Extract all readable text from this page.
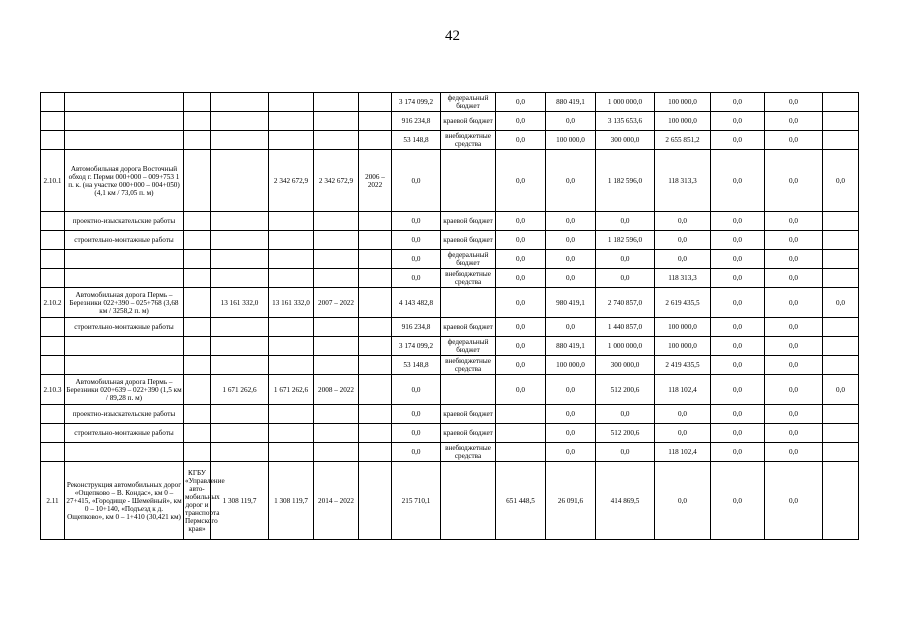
42
							3 174 099,2	федеральный бюджет	0,0	880 419,1	1 000 000,0	100 000,0	0,0	0,0	
							916 234,8	краевой бюджет	0,0	0,0	3 135 653,6	100 000,0	0,0	0,0	
							53 148,8	внебюджетные средства	0,0	100 000,0	300 000,0	2 655 851,2	0,0	0,0	
2.10.1	Автомобильная дорога Восточный обход г. Перми 000+000 – 009+753 1 п. к. (на участке 000+000 – 004+050) (4,1 км / 73,05 п. м)			2 342 672,9	2 342 672,9	2006 – 2022	0,0		0,0	0,0	1 182 596,0	118 313,3	0,0	0,0	0,0
	проектно-изыскательские работы						0,0	краевой бюджет	0,0	0,0	0,0	0,0	0,0	0,0	
	строительно-монтажные работы						0,0	краевой бюджет	0,0	0,0	1 182 596,0	0,0	0,0	0,0	
							0,0	федеральный бюджет	0,0	0,0	0,0	0,0	0,0	0,0	
							0,0	внебюджетные средства	0,0	0,0	0,0	118 313,3	0,0	0,0	
2.10.2	Автомобильная дорога Пермь – Березники 022+390 – 025+768 (3,68 км / 3258,2 п. м)		13 161 332,0	13 161 332,0	2007 – 2022		4 143 482,8		0,0	980 419,1	2 740 857,0	2 619 435,5	0,0	0,0	0,0
	строительно-монтажные работы						916 234,8	краевой бюджет	0,0	0,0	1 440 857,0	100 000,0	0,0	0,0	
							3 174 099,2	федеральный бюджет	0,0	880 419,1	1 000 000,0	100 000,0	0,0	0,0	
							53 148,8	внебюджетные средства	0,0	100 000,0	300 000,0	2 419 435,5	0,0	0,0	
2.10.3	Автомобильная дорога Пермь – Березники 020+639 – 022+390 (1,5 км / 89,28 п. м)		1 671 262,6	1 671 262,6	2008 – 2022		0,0		0,0	0,0	512 200,6	118 102,4	0,0	0,0	0,0
	проектно-изыскательские работы						0,0	краевой бюджет		0,0	0,0	0,0	0,0	0,0	
	строительно-монтажные работы						0,0	краевой бюджет		0,0	512 200,6	0,0	0,0	0,0	
							0,0	внебюджетные средства		0,0	0,0	118 102,4	0,0	0,0	
2.11	Реконструкция автомобильных дорог «Ощепково – В. Кондас», км 0 – 27+415, «Городище - Шемейный», км 0 – 10+140, «Подъезд к д. Ощепково», км 0 – 1+410 (30,421 км)	КГБУ «Управление авто-мобильных дорог и транспорта Пермского края»	1 308 119,7	1 308 119,7	2014 – 2022		215 710,1		651 448,5	26 091,6	414 869,5	0,0	0,0	0,0	
